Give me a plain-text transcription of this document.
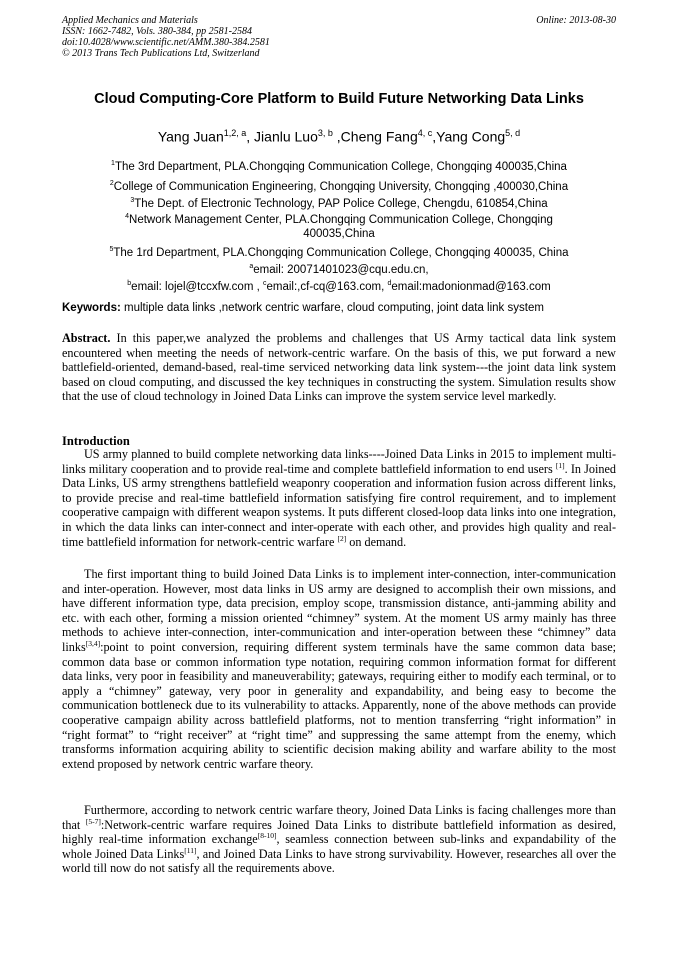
Applied Mechanics and Materials
ISSN: 1662-7482, Vols. 380-384, pp 2581-2584
doi:10.4028/www.scientific.net/AMM.380-384.2581
© 2013 Trans Tech Publications Ltd, Switzerland
Online: 2013-08-30
Cloud Computing-Core Platform to Build Future Networking Data Links
Yang Juan$^{1,2, a}$, Jianlu Luo$^{3, b}$ ,Cheng Fang$^{4, c}$,Yang Cong$^{5, d}$
$^1$The 3rd Department, PLA.Chongqing Communication College, Chongqing 400035,China
$^2$College of Communication Engineering, Chongqing University, Chongqing ,400030,China
$^3$The Dept. of Electronic Technology, PAP Police College, Chengdu, 610854,China
$^4$Network Management Center, PLA.Chongqing Communication College, Chongqing 400035,China
$^5$The 1rd Department, PLA.Chongqing Communication College, Chongqing 400035, China
$^a$email: 20071401023@cqu.edu.cn,
$^b$email: lojel@tccxfw.com , $^c$email:,cf-cq@163.com, $^d$email:madonionmad@163.com
Keywords: multiple data links ,network centric warfare, cloud computing, joint data link system
Abstract. In this paper,we analyzed the problems and challenges that US Army tactical data link system encountered when meeting the needs of network-centric warfare. On the basis of this, we put forward a new battlefield-oriented, demand-based, real-time serviced networking data link system---the joint data link system based on cloud computing, and discussed the key techniques in constructing the system. Simulation results show that the use of cloud technology in Joined Data Links can improve the system service level markedly.
Introduction
US army planned to build complete networking data links----Joined Data Links in 2015 to implement multi-links military cooperation and to provide real-time and complete battlefield information to end users [1]. In Joined Data Links, US army strengthens battlefield weaponry cooperation and information fusion across different links, to provide precise and real-time battlefield information satisfying fire control requirement, and to implement cooperative campaign with different weapon systems. It puts different closed-loop data links into one integration, in which the data links can inter-connect and inter-operate with each other, and provides high quality and real-time battlefield information for network-centric warfare [2] on demand.
The first important thing to build Joined Data Links is to implement inter-connection, inter-communication and inter-operation. However, most data links in US army are designed to accomplish their own missions, and have different information type, data precision, employ scope, transmission distance, anti-jamming ability and etc. with each other, forming a mission oriented “chimney” system. At the moment US army mainly has three methods to achieve inter-connection, inter-communication and inter-operation between these “chimney” data links[3,4]:point to point conversion, requiring different system terminals have the same common data base; common data base or common information type notation, requiring common information format for different data links, very poor in feasibility and maneuverability; gateways, requiring either to modify each terminal, or to apply a “chimney” gateway, very poor in generality and expandability, and being easy to become the communication bottleneck due to its vulnerability to attacks. Apparently, none of the above methods can provide cooperative campaign ability across battlefield platforms, not to mention transferring “right information” in “right format” to “right receiver” at “right time” and suppressing the same attempt from the enemy, which transforms information acquiring ability to scientific decision making ability and warfare ability to the most extend proposed by network centric warfare theory.
Furthermore, according to network centric warfare theory, Joined Data Links is facing challenges more than that [5-7]:Network-centric warfare requires Joined Data Links to distribute battlefield information as desired, highly real-time information exchange[8-10], seamless connection between sub-links and expandability of the whole Joined Data Links[11], and Joined Data Links to have strong survivability. However, researches all over the world till now do not satisfy all the requirements above.
